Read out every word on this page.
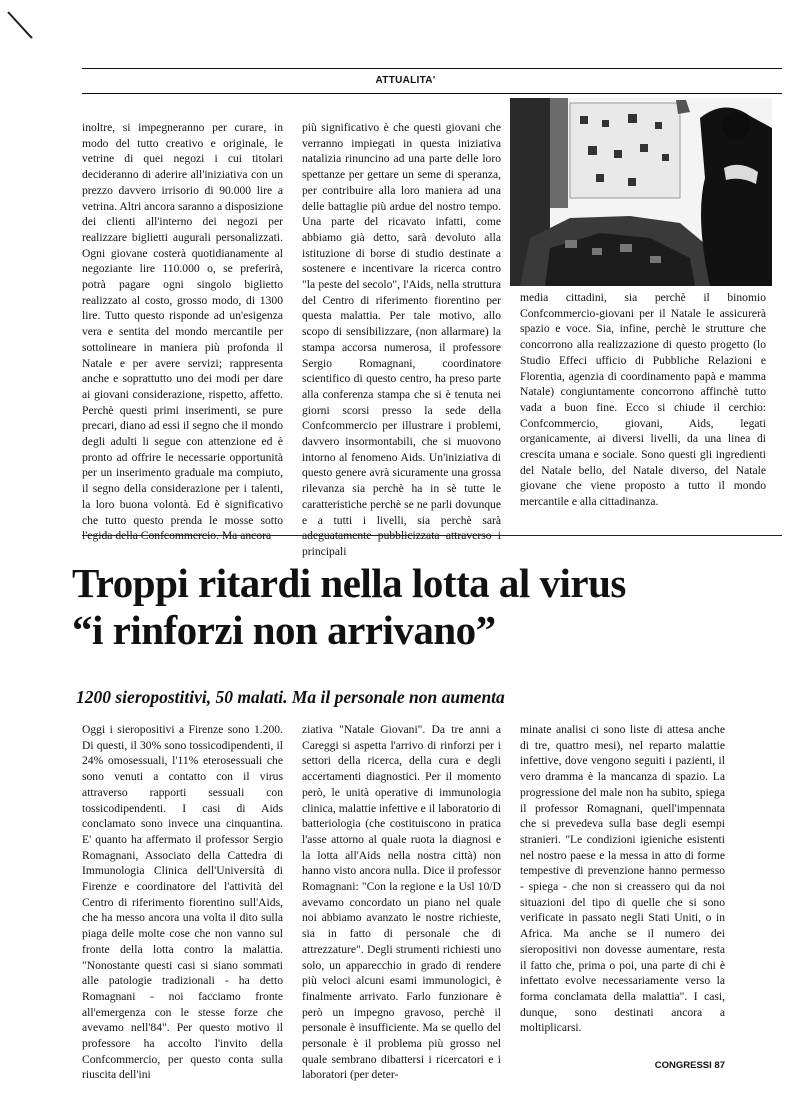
ATTUALITA'

inoltre, si impegneranno per curare, in modo del tutto creativo e originale, le vetrine di quei negozi i cui titolari decideranno di aderire all'iniziativa con un prezzo davvero irrisorio di 90.000 lire a vetrina. Altri ancora saranno a disposizione dei clienti all'interno dei negozi per realizzare biglietti augurali personalizzati. Ogni giovane costerà quotidianamente al negoziante lire 110.000 o, se preferirà, potrà pagare ogni singolo biglietto realizzato al costo, grosso modo, di 1300 lire. Tutto questo risponde ad un'esigenza vera e sentita del mondo mercantile per sottolineare in maniera più profonda il Natale e per avere servizi; rappresenta anche e soprattutto uno dei modi per dare ai giovani considerazione, rispetto, affetto. Perchè questi primi inserimenti, se pure precari, diano ad essi il segno che il mondo degli adulti li segue con attenzione ed è pronto ad offrire le necessarie opportunità per un inserimento graduale ma compiuto, il segno della considerazione per i talenti, la loro buona volontà. Ed è significativo che tutto questo prenda le mosse sotto

più significativo è che questi giovani che verranno impiegati in questa iniziativa natalizia rinuncino ad una parte delle loro spettanze per gettare un seme di speranza, per contribuire alla loro maniera ad una delle battaglie più ardue del nostro tempo. Una parte del ricavato infatti, come abbiamo già detto, sarà devoluto alla istituzione di borse di studio destinate a sostenere e incentivare la ricerca contro "la peste del secolo", l'Aids, nella struttura del Centro di riferimento fiorentino per questa malattia. Per tale motivo, allo scopo di sensibilizzare, (non allarmare) la stampa accorsa numerosa, il professore Sergio Romagnani, coordinatore scientifico di questo centro, ha preso parte alla conferenza stampa che si è tenuta nei giorni scorsi presso la sede della Confcommercio per illustrare i problemi, davvero insormontabili, che si muovono intorno al fenomeno Aids. Un'iniziativa di questo genere avrà sicuramente una grossa rilevanza sia perchè ha in sè tutte le caratteristiche perchè se ne parli dovunque e a tutti i livelli, sia perchè sarà principali

media cittadini, sia perchè il binomio Confcommercio-giovani per il Natale le assicurerà spazio e voce. Sia, infine, perchè le strutture che concorrono alla realizzazione di questo progetto (lo Studio Effeci ufficio di Pubbliche Relazioni e Florentia, agenzia di coordinamento papà e mamma Natale) congiuntamente concorrono affinchè tutto vada a buon fine. Ecco si chiude il cerchio: Confcommercio, giovani, Aids, legati organicamente, ai diversi livelli, da una linea di crescita umana e sociale. Sono questi gli ingredienti del Natale bello, del Natale diverso, del Natale giovane che viene proposto a tutto il mondo mercantile e alla cittadinanza.

Troppi ritardi nella lotta al virus
“i rinforzi non arrivano”
1200 sieropostitivi, 50 malati. Ma il personale non aumenta

Oggi i sieropositivi a Firenze sono 1.200. Di questi, il 30% sono tossicodipendenti, il 24% omosessuali, l'11% eterosessuali che sono venuti a contatto con il virus attraverso rapporti sessuali con tossicodipendenti. I casi di Aids conclamato sono invece una cinquantina. E' quanto ha affermato il professor Sergio Romagnani, Associato della Cattedra di Immunologia Clinica dell'Università di Firenze e coordinatore del l'attività del Centro di riferimento fiorentino sull'Aids, che ha messo ancora una volta il dito sulla piaga delle molte cose che non vanno sul fronte della lotta contro la malattia. "Nonostante questi casi si siano sommati alle patologie tradizionali - ha detto Romagnani - noi facciamo fronte all'emergenza con le stesse forze che avevamo nell'84". Per questo motivo il professore ha accolto l'invito della Confcommercio, per questo conta sulla riuscita dell'ini

ziativa "Natale Giovani". Da tre anni a Careggi si aspetta l'arrivo di rinforzi per i settori della ricerca, della cura e degli accertamenti diagnostici. Per il momento però, le unità operative di immunologia clinica, malattie infettive e il laboratorio di batteriologia (che costituiscono in pratica l'asse attorno al quale ruota la diagnosi e la lotta all'Aids nella nostra città) non hanno visto ancora nulla. Dice il professor Romagnani: "Con la regione e la Usl 10/D avevamo concordato un piano nel quale noi abbiamo avanzato le nostre richieste, sia in fatto di personale che di attrezzature". Degli strumenti richiesti uno solo, un apparecchio in grado di rendere più veloci alcuni esami immunologici, è finalmente arrivato. Farlo funzionare è però un impegno gravoso, perchè il personale è insufficiente. Ma se quello del personale è il problema più grosso nel quale sembrano dibattersi i ricercatori e i laboratori (per deter-

minate analisi ci sono liste di attesa anche di tre, quattro mesi), nel reparto malattie infettive, dove vengono seguiti i pazienti, il vero dramma è la mancanza di spazio. La progressione del male non ha subito, spiega il professor Romagnani, quell'impennata che si prevedeva sulla base degli esempi stranieri. "Le condizioni igieniche esistenti nel nostro paese e la messa in atto di forme tempestive di prevenzione hanno permesso - spiega - che non si creassero qui da noi situazioni del tipo di quelle che si sono verificate in passato negli Stati Uniti, o in Africa. Ma anche se il numero dei sieropositivi non dovesse aumentare, resta il fatto che, prima o poi, una parte di chi è infettato evolve necessariamente verso la forma conclamata della malattia". I casi, dunque, sono destinati ancora a moltiplicarsi.

CONGRESSI 87
